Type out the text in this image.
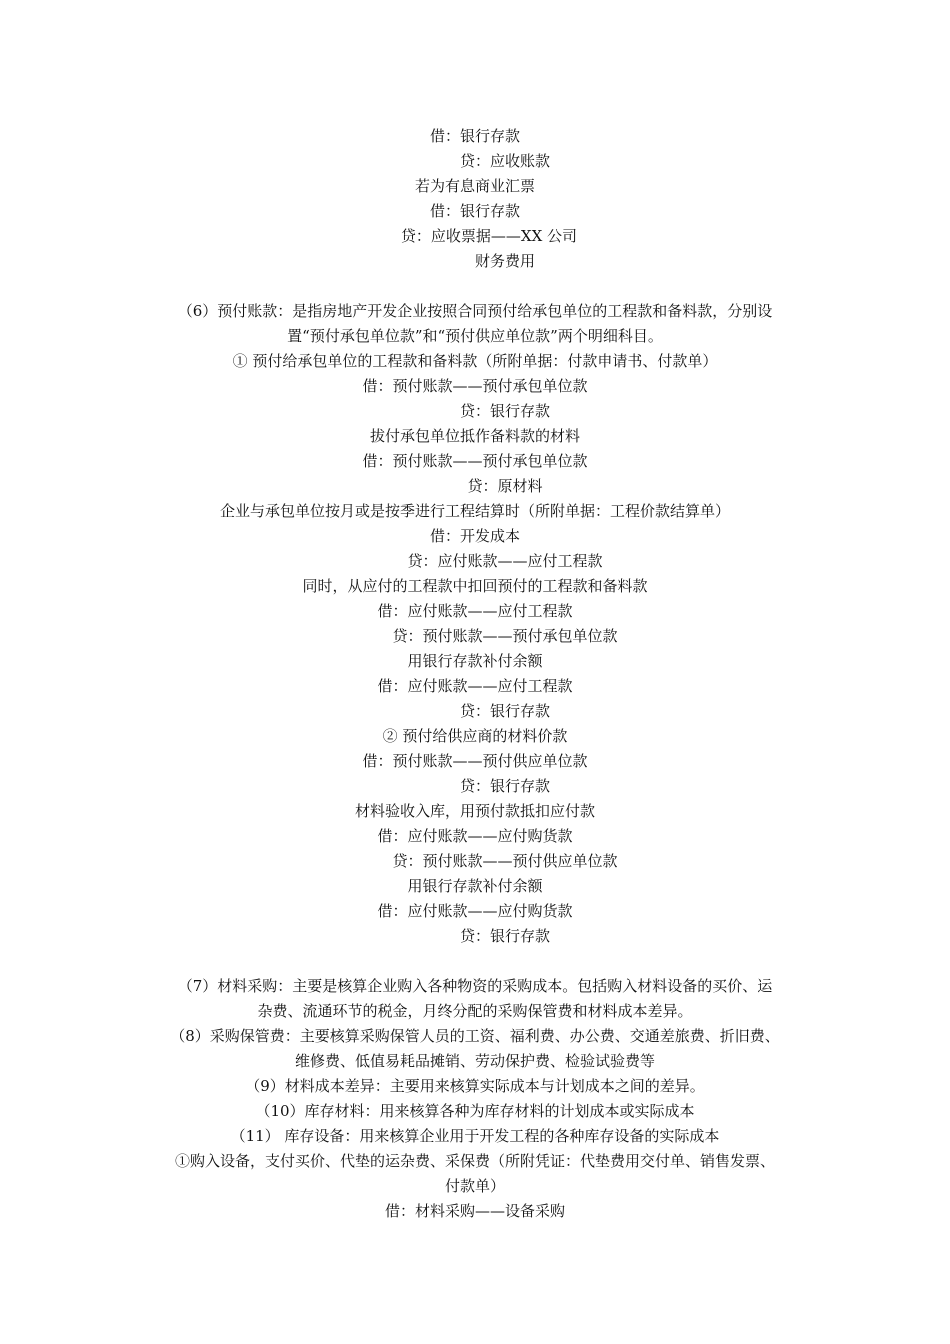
借：银行存款
贷：应收账款
若为有息商业汇票
借：银行存款
贷：应收票据——XX 公司
财务费用
（6）预付账款：是指房地产开发企业按照合同预付给承包单位的工程款和备料款，分别设
置“预付承包单位款”和“预付供应单位款”两个明细科目。
① 预付给承包单位的工程款和备料款（所附单据：付款申请书、付款单）
借：预付账款——预付承包单位款
贷：银行存款
拔付承包单位抵作备料款的材料
借：预付账款——预付承包单位款
贷：原材料
企业与承包单位按月或是按季进行工程结算时（所附单据：工程价款结算单）
借：开发成本
贷：应付账款——应付工程款
同时，从应付的工程款中扣回预付的工程款和备料款
借：应付账款——应付工程款
贷：预付账款——预付承包单位款
用银行存款补付余额
借：应付账款——应付工程款
贷：银行存款
② 预付给供应商的材料价款
借：预付账款——预付供应单位款
贷：银行存款
材料验收入库，用预付款抵扣应付款
借：应付账款——应付购货款
贷：预付账款——预付供应单位款
用银行存款补付余额
借：应付账款——应付购货款
贷：银行存款
（7）材料采购：主要是核算企业购入各种物资的采购成本。包括购入材料设备的买价、运
杂费、流通环节的税金，月终分配的采购保管费和材料成本差异。
（8）采购保管费：主要核算采购保管人员的工资、福利费、办公费、交通差旅费、折旧费、
维修费、低值易耗品摊销、劳动保护费、检验试验费等
（9）材料成本差异：主要用来核算实际成本与计划成本之间的差异。
（10）库存材料：用来核算各种为库存材料的计划成本或实际成本
（11） 库存设备：用来核算企业用于开发工程的各种库存设备的实际成本
①购入设备，支付买价、代垫的运杂费、采保费（所附凭证：代垫费用交付单、销售发票、
付款单）
借：材料采购——设备采购
